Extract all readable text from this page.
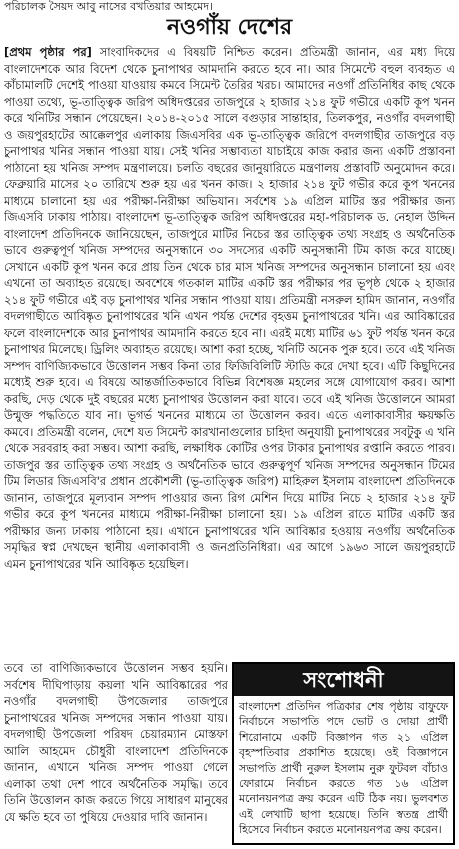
পরিচালক সৈয়দ আবু নাসের বখতিয়ার আহমেদ।
নওগাঁয় দেশের

[প্রথম পৃষ্ঠার পর] সাংবাদিকদের এ বিষয়টি নিশ্চিত করেন। প্রতিমন্ত্রী জানান, এর মধ্য দিয়ে বাংলাদেশকে আর বিদেশ থেকে চুনাপাথর আমদানি করতে হবে না। আর সিমেন্টে বহুল ব্যবহৃত এ কাঁচামালটি দেশেই পাওয়া যাওয়ায় কমবে সিমেন্ট তৈরির খরচ। আমাদের নওগাঁ প্রতিনিধির কাছ থেকে পাওয়া তথ্যে, ভূ-তাত্ত্বিক জরিপ অধিদপ্তরের তাজপুরে ২ হাজার ২১৪ ফুট গভীরে একটি কূপ খনন করে খনিটির সন্ধান পেয়েছেন। ২০১৪-২০১৫ সালে বগুড়ার সান্তাহার, তিলকপুর, নওগাঁর বদলগাছী ও জয়পুরহাটের আক্কেলপুর এলাকায় জিএসবির এক ভূ-তাত্ত্বিক জরিপে বদলগাছীর তাজপুরে বড় চুনাপাথর খনির সন্ধান পাওয়া যায়। সেই খনির সম্ভাব্যতা যাচাইয়ে কাজ করার জন্য একটি প্রস্তাবনা পাঠানো হয় খনিজ সম্পদ মন্ত্রণালয়ে। চলতি বছরের জানুয়ারিতে মন্ত্রণালয় প্রস্তাবটি অনুমোদন করে। ফেব্রুয়ারি মাসের ২০ তারিখে শুরু হয় এর খনন কাজ। ২ হাজার ২১৪ ফুট গভীর করে কূপ খননের মাধ্যমে চালানো হয় এর পরীক্ষা-নিরীক্ষা অভিযান। সর্বশেষ ১৯ এপ্রিল মাটির স্তর পরীক্ষার জন্য জিএসবি ঢাকায় পাঠায়। বাংলাদেশ ভূ-তাত্ত্বিক জরিপ অধিদপ্তরের মহা-পরিচালক ড. নেহাল উদ্দিন বাংলাদেশ প্রতিদিনকে জানিয়েছেন, তাজপুরে মাটির নিচের স্তর তাত্ত্বিক তথ্য সংগ্রহ ও অর্থনৈতিক ভাবে গুরুত্বপূর্ণ খনিজ সম্পদের অনুসন্ধানে ৩০ সদস্যের একটি অনুসন্ধানী টিম কাজ করে যাচ্ছে। সেখানে একটি কূপ খনন করে প্রায় তিন থেকে চার মাস খনিজ সম্পদের অনুসন্ধান চালানো হয় এবং এখনো তা অব্যাহত রয়েছে। অবশেষে গতকাল মাটির একটি স্তর পরীক্ষার পর ভূপৃষ্ঠ থেকে ২ হাজার ২১৪ ফুট গভীরে এই বড় চুনাপাথর খনির সন্ধান পাওয়া যায়। প্রতিমন্ত্রী নসরুল হামিদ জানান, নওগাঁর বদলগাছীতে আবিষ্কৃত চুনাপাথরের খনি এখন পর্যন্ত দেশের বৃহত্তম চুনাপাথরের খনি। এর আবিষ্কারের ফলে বাংলাদেশকে আর চুনাপাথর আমদানি করতে হবে না। এরই মধ্যে মাটির ৬১ ফুট পর্যন্ত খনন করে চুনাপাথর মিলেছে। ড্রিলিং অব্যাহত রয়েছে। আশা করা হচ্ছে, খনিটি অনেক পুরু হবে। তবে এই খনিজ সম্পদ বাণিজ্যিকভাবে উত্তোলন সম্ভব কিনা তার ফিজিবিলিটি স্টাডি করে দেখা হবে। এটি কিছুদিনের মধ্যেই শুরু হবে। এ বিষয়ে আন্তর্জাতিকভাবে বিভিন্ন বিশেষজ্ঞ মহলের সঙ্গে যোগাযোগ করব। আশা করছি, দেড় থেকে দুই বছরের মধ্যে চুনাপাথর উত্তোলন করা যাবে। তবে এই খনিজ উত্তোলনে আমরা উন্মুক্ত পদ্ধতিতে যাব না। ভূগর্ভ খননের মাধ্যমে তা উত্তোলন করব। এতে এলাকাবাসীর ক্ষয়ক্ষতি কমবে। প্রতিমন্ত্রী বলেন, দেশে যত সিমেন্ট কারখানাগুলোর চাহিদা অনুযায়ী চুনাপাথরের সবটুকু এ খনি থেকে সরবরাহ করা সম্ভব। আশা করছি, লক্ষাধিক কোটির ওপর টাকার চুনাপাথর রপ্তানি করতে পারব। তাজপুর স্তর তাত্ত্বিক তথ্য সংগ্রহ ও অর্থনৈতিক ভাবে গুরুত্বপূর্ণ খনিজ সম্পদের অনুসন্ধান টিমের টিম লিডার জিএসবি'র প্রধান প্রকৌশলী (ভূ-তাত্ত্বিক জরিপ) মাহিরুল ইসলাম বাংলাদেশ প্রতিদিনকে জানান, তাজপুরে মূল্যবান সম্পদ পাওয়ার জন্য রিগ মেশিন দিয়ে মাটির নিচে ২ হাজার ২১৪ ফুট গভীর করে কূপ খননের মাধ্যমে পরীক্ষা-নিরীক্ষা চালানো হয়। ১৯ এপ্রিল রাতে মাটির একটি স্তর পরীক্ষার জন্য ঢাকায় পাঠানো হয়। এখানে চুনাপাথরের খনি আবিষ্কার হওয়ায় নওগাঁয় অর্থনৈতিক সমৃদ্ধির স্বপ্ন দেখছেন স্থানীয় এলাকাবাসী ও জনপ্রতিনিধিরা। এর আগে ১৯৬৩ সালে জয়পুরহাটে এমন চুনাপাথরের খনি আবিষ্কৃত হয়েছিল।

তবে তা বাণিজ্যিকভাবে উত্তোলন সম্ভব হয়নি। সর্বশেষ দীঘিপাড়ায় কয়লা খনি আবিষ্কারের পর নওগাঁর বদলগাছী উপজেলার তাজপুরে চুনাপাথরের খনিজ সম্পদের সন্ধান পাওয়া যায়। বদলগাছী উপজেলা পরিষদ চেয়ারম্যান মোস্তফা আলি আহমেদ চৌধুরী বাংলাদেশ প্রতিদিনকে জানান, এখানে খনিজ সম্পদ পাওয়া গেলে এলাকা তথা দেশ পাবে অর্থনৈতিক সমৃদ্ধি। তবে তিনি উত্তোলন কাজ করতে গিয়ে সাধারণ মানুষের যে ক্ষতি হবে তা পুষিয়ে দেওয়ার দাবি জানান।

সংশোধনী
বাংলাদেশ প্রতিদিন পত্রিকার শেষ পৃষ্ঠায় বাফুফে নির্বাচনে সভাপতি পদে ভোট ও দোয়া প্রার্থী শিরোনামে একটি বিজ্ঞাপন গত ২১ এপ্রিল বৃহস্পতিবার প্রকাশিত হয়েছে। ওই বিজ্ঞাপনে সভাপতি প্রার্থী নুরুল ইসলাম নুরু ফুটবল বাঁচাও ফোরামে নির্বাচন করতে গত ১৬ এপ্রিল মনোনয়নপত্র ক্রয় করেন এটি ঠিক নয়। ভুলবশত এই লেখাটি ছাপা হয়েছে। তিনি স্বতন্ত্র প্রার্থী হিসেবে নির্বাচন করতে মনোনয়নপত্র ক্রয় করেন।
